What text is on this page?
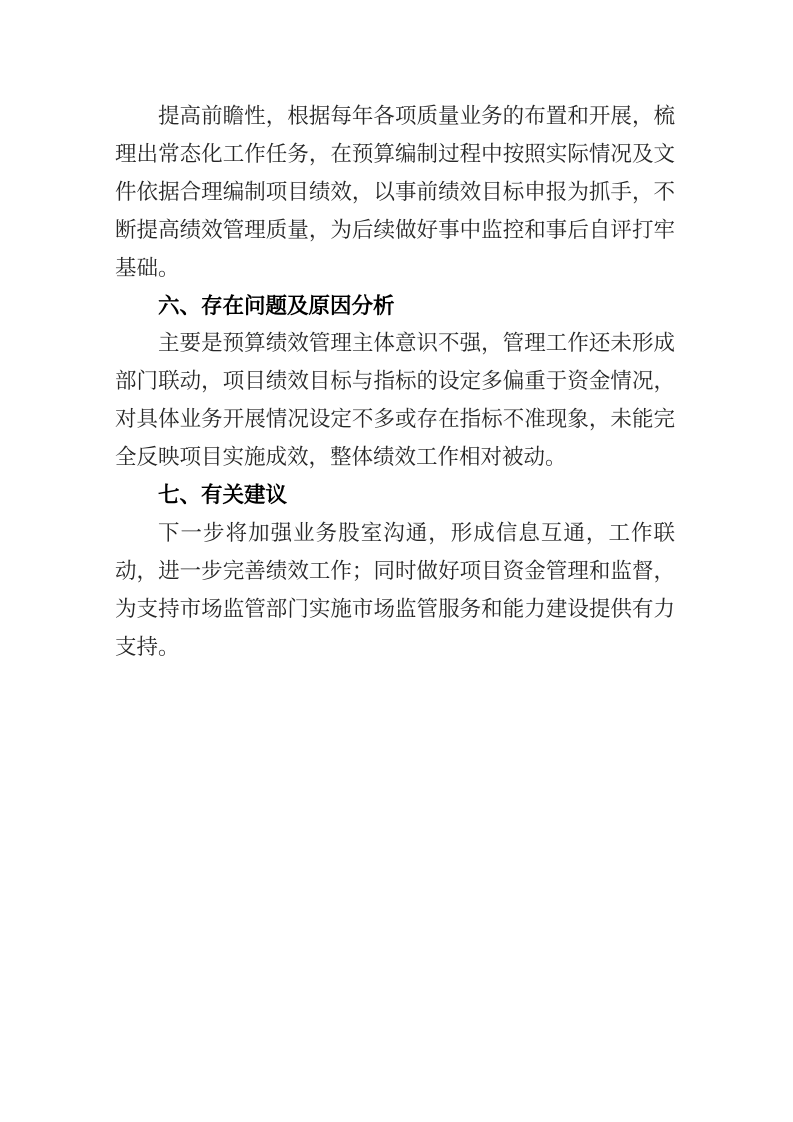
提高前瞻性，根据每年各项质量业务的布置和开展，梳理出常态化工作任务，在预算编制过程中按照实际情况及文件依据合理编制项目绩效，以事前绩效目标申报为抓手，不断提高绩效管理质量，为后续做好事中监控和事后自评打牢基础。

六、存在问题及原因分析

主要是预算绩效管理主体意识不强，管理工作还未形成部门联动，项目绩效目标与指标的设定多偏重于资金情况，对具体业务开展情况设定不多或存在指标不准现象，未能完全反映项目实施成效，整体绩效工作相对被动。

七、有关建议

下一步将加强业务股室沟通，形成信息互通，工作联动，进一步完善绩效工作；同时做好项目资金管理和监督，为支持市场监管部门实施市场监管服务和能力建设提供有力支持。
